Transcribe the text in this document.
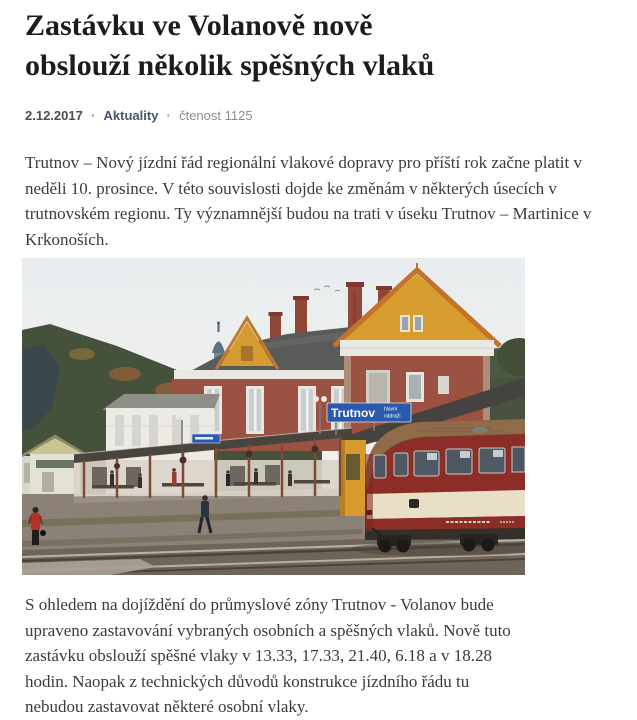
Zastávku ve Volanově nově
obslouží několik spěšných vlaků
2.12.2017 · Aktuality · čtenost 1125

Trutnov – Nový jízdní řád regionální vlakové dopravy pro příští rok začne platit v neděli 10. prosince. V této souvislosti dojde ke změnám v některých úsecích v trutnovském regionu. Ty významnější budou na trati v úseku Trutnov – Martinice v Krkonoších.

Trutnov hlavní
nádraží

S ohledem na dojíždění do průmyslové zóny Trutnov - Volanov bude upraveno zastavování vybraných osobních a spěšných vlaků. Nově tuto zastávku obslouží spěšné vlaky v 13.33, 17.33, 21.40, 6.18 a v 18.28 hodin. Naopak z technických důvodů konstrukce jízdního řádu tu nebudou zastavovat některé osobní vlaky.
